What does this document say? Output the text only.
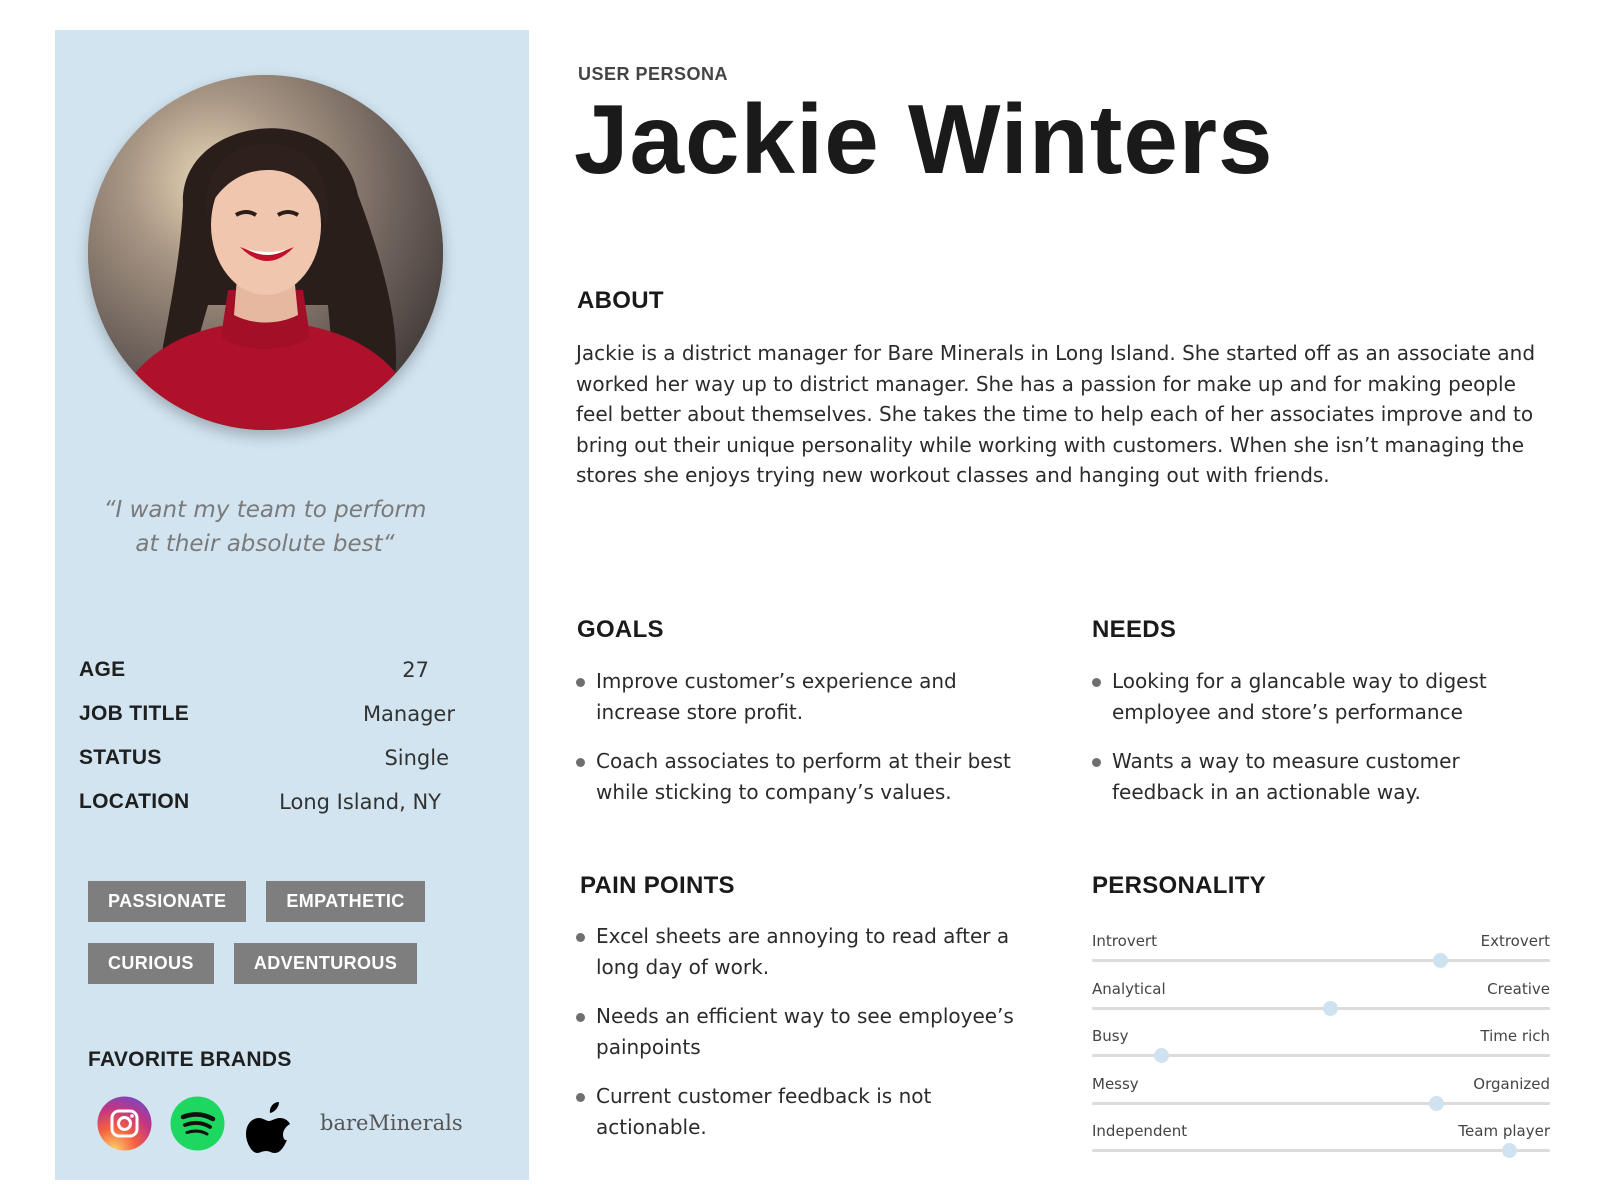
“I want my team to perform at their absolute best“
AGE	27
JOB TITLE	Manager
STATUS	Single
LOCATION	Long Island, NY
PASSIONATE	EMPATHETIC
CURIOUS	ADVENTUROUS
FAVORITE BRANDS
bareMinerals
USER PERSONA
Jackie Winters
ABOUT
Jackie is a district manager for Bare Minerals in Long Island. She started off as an associate and worked her way up to district manager. She has a passion for make up and for making people feel better about themselves. She takes the time to help each of her associates improve and to bring out their unique personality while working with customers. When she isn’t managing the stores she enjoys trying new workout classes and hanging out with friends.
GOALS
Improve customer’s experience and increase store profit.
Coach associates to perform at their best while sticking to company’s values.
NEEDS
Looking for a glancable way to digest employee and store’s performance
Wants a way to measure customer feedback in an actionable way.
PAIN POINTS
Excel sheets are annoying to read after a long day of work.
Needs an efficient way to see employee’s painpoints
Current customer feedback is not actionable.
PERSONALITY
Introvert	Extrovert
Analytical	Creative
Busy	Time rich
Messy	Organized
Independent	Team player
